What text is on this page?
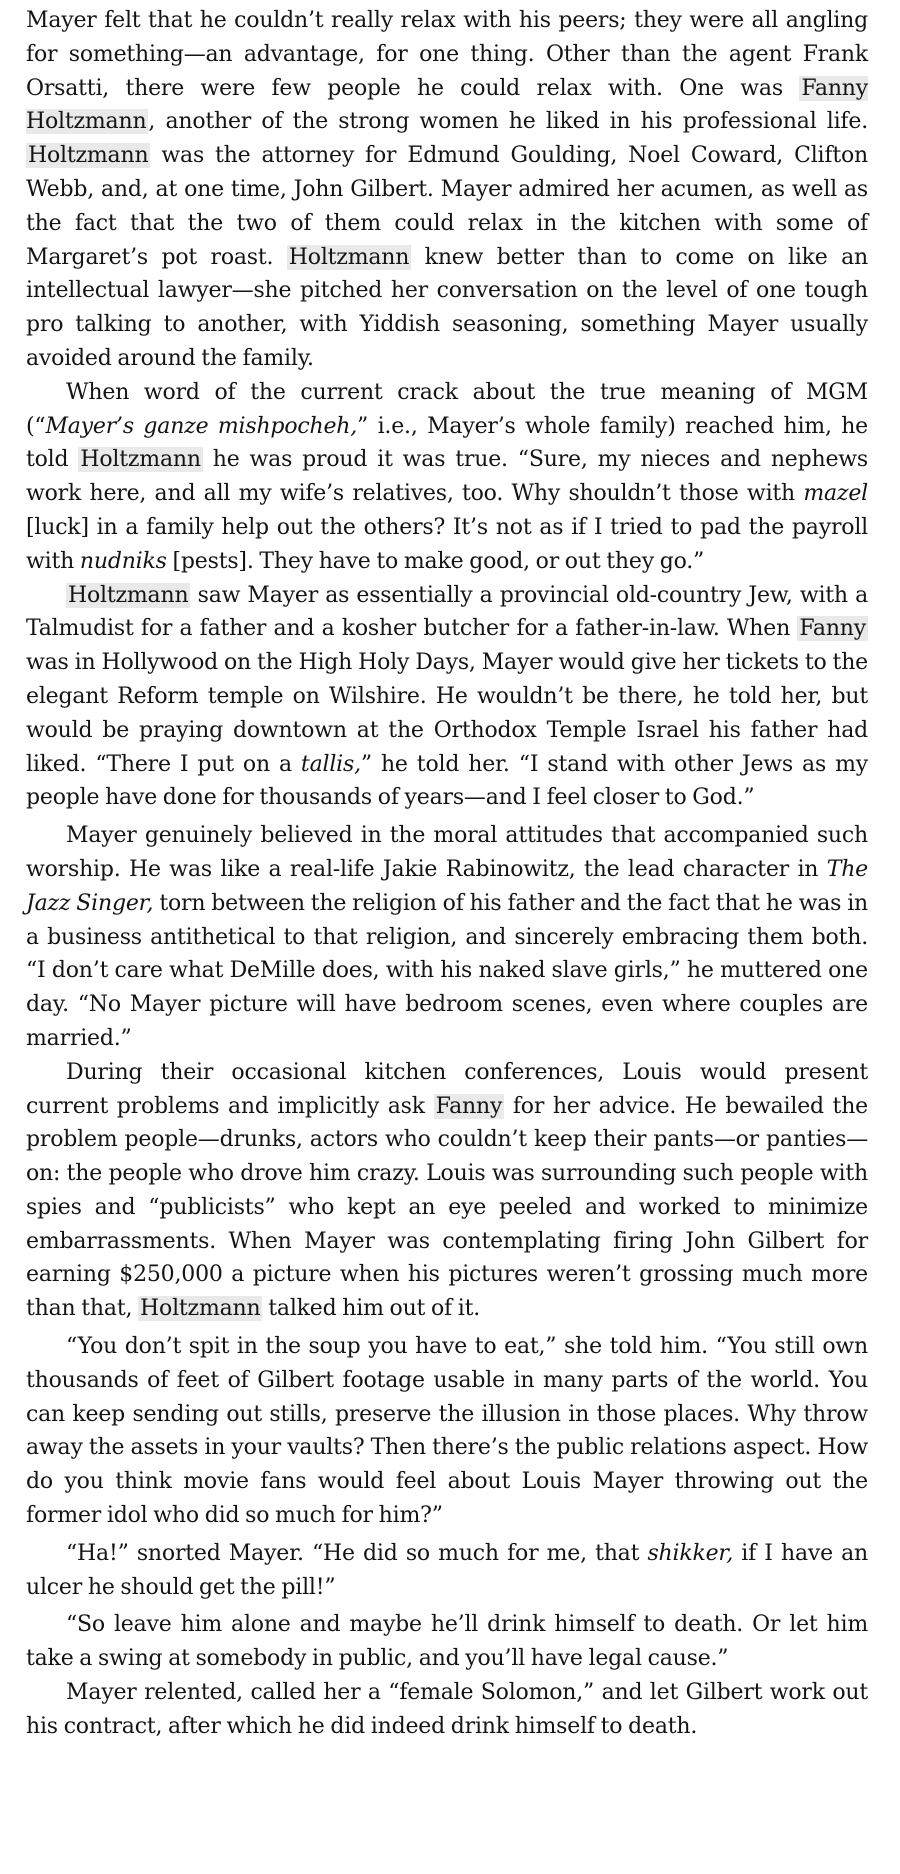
Mayer felt that he couldn’t really relax with his peers; they were all angling for something—an advantage, for one thing. Other than the agent Frank Orsatti, there were few people he could relax with. One was Fanny Holtzmann, another of the strong women he liked in his professional life. Holtzmann was the attorney for Edmund Goulding, Noel Coward, Clifton Webb, and, at one time, John Gilbert. Mayer admired her acumen, as well as the fact that the two of them could relax in the kitchen with some of Margaret’s pot roast. Holtzmann knew better than to come on like an intellectual lawyer—she pitched her conversation on the level of one tough pro talking to another, with Yiddish seasoning, something Mayer usually avoided around the family.

When word of the current crack about the true meaning of MGM (“Mayer’s ganze mishpocheh,” i.e., Mayer’s whole family) reached him, he told Holtzmann he was proud it was true. “Sure, my nieces and nephews work here, and all my wife’s relatives, too. Why shouldn’t those with mazel [luck] in a family help out the others? It’s not as if I tried to pad the payroll with nudniks [pests]. They have to make good, or out they go.”

Holtzmann saw Mayer as essentially a provincial old-country Jew, with a Talmudist for a father and a kosher butcher for a father-in-law. When Fanny was in Hollywood on the High Holy Days, Mayer would give her tickets to the elegant Reform temple on Wilshire. He wouldn’t be there, he told her, but would be praying downtown at the Orthodox Temple Israel his father had liked. “There I put on a tallis,” he told her. “I stand with other Jews as my people have done for thousands of years—and I feel closer to God.”

Mayer genuinely believed in the moral attitudes that accompanied such worship. He was like a real-life Jakie Rabinowitz, the lead character in The Jazz Singer, torn between the religion of his father and the fact that he was in a business antithetical to that religion, and sincerely embracing them both. “I don’t care what DeMille does, with his naked slave girls,” he muttered one day. “No Mayer picture will have bedroom scenes, even where couples are married.”

During their occasional kitchen conferences, Louis would present current problems and implicitly ask Fanny for her advice. He bewailed the problem people—drunks, actors who couldn’t keep their pants—or panties—on: the people who drove him crazy. Louis was surrounding such people with spies and “publicists” who kept an eye peeled and worked to minimize embarrassments. When Mayer was contemplating firing John Gilbert for earning $250,000 a picture when his pictures weren’t grossing much more than that, Holtzmann talked him out of it.

“You don’t spit in the soup you have to eat,” she told him. “You still own thousands of feet of Gilbert footage usable in many parts of the world. You can keep sending out stills, preserve the illusion in those places. Why throw away the assets in your vaults? Then there’s the public relations aspect. How do you think movie fans would feel about Louis Mayer throwing out the former idol who did so much for him?”

“Ha!” snorted Mayer. “He did so much for me, that shikker, if I have an ulcer he should get the pill!”

“So leave him alone and maybe he’ll drink himself to death. Or let him take a swing at somebody in public, and you’ll have legal cause.”

Mayer relented, called her a “female Solomon,” and let Gilbert work out his contract, after which he did indeed drink himself to death.
